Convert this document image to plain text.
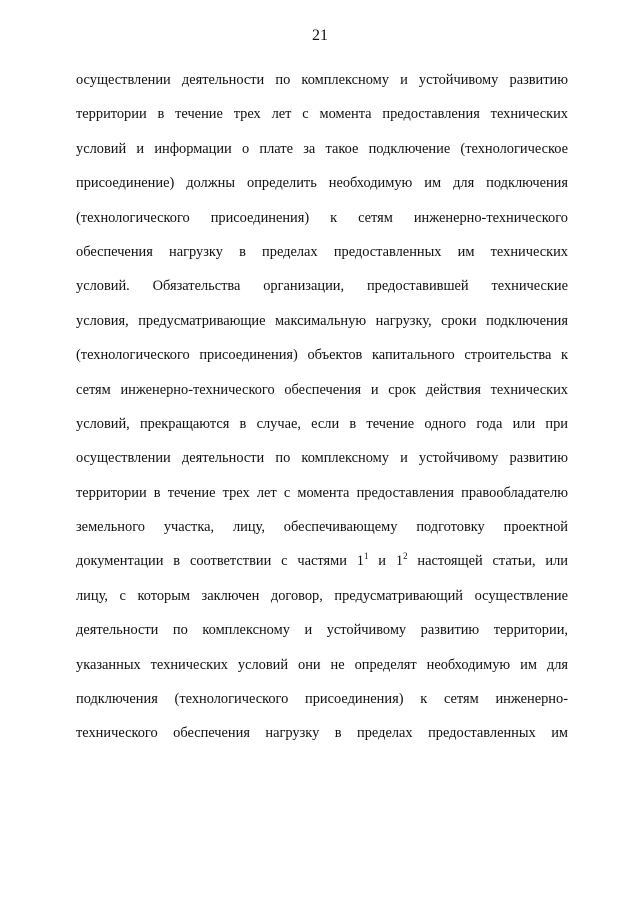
21
осуществлении деятельности по комплексному и устойчивому развитию
территории в течение трех лет с момента предоставления технических
условий и информации о плате за такое подключение (технологическое
присоединение) должны определить необходимую им для подключения
(технологического присоединения) к сетям инженерно-технического
обеспечения нагрузку в пределах предоставленных им технических
условий. Обязательства организации, предоставившей технические
условия, предусматривающие максимальную нагрузку, сроки подключения
(технологического присоединения) объектов капитального строительства к
сетям инженерно-технического обеспечения и срок действия технических
условий, прекращаются в случае, если в течение одного года или при
осуществлении деятельности по комплексному и устойчивому развитию
территории в течение трех лет с момента предоставления правообладателю
земельного участка, лицу, обеспечивающему подготовку проектной
документации в соответствии с частями $1^1$ и $1^2$ настоящей статьи, или
лицу, с которым заключен договор, предусматривающий осуществление
деятельности по комплексному и устойчивому развитию территории,
указанных технических условий они не определят необходимую им для
подключения (технологического присоединения) к сетям инженерно-
технического обеспечения нагрузку в пределах предоставленных им
